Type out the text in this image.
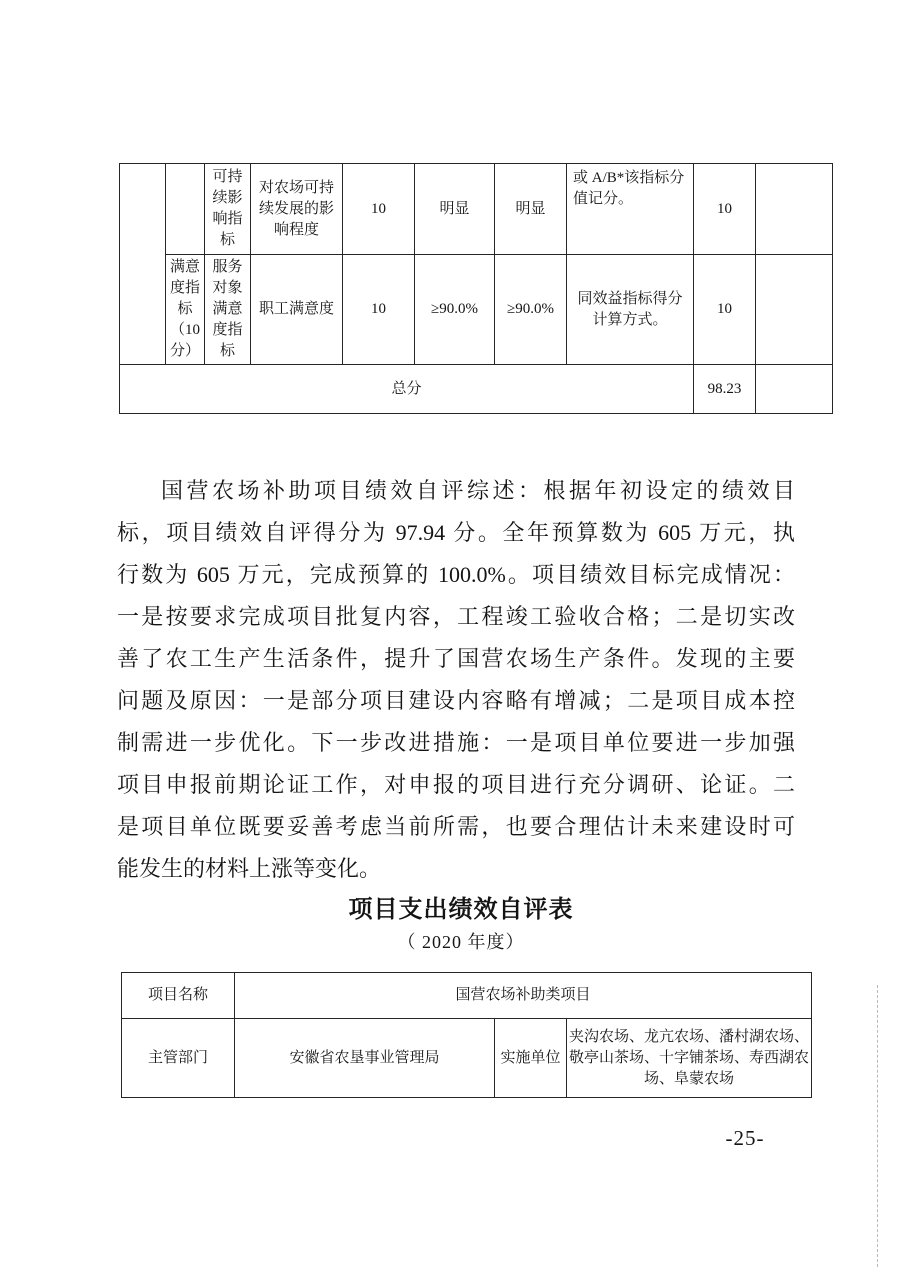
		可持续影响指标	对农场可持续发展的影响程度	10	明显	明显	或 A/B*该指标分值记分。	10	
	满意度指标（10分）	服务对象满意度指标	职工满意度	10	≥90.0%	≥90.0%	同效益指标得分计算方式。	10	
总分								98.23	
国营农场补助项目绩效自评综述：根据年初设定的绩效目
标，项目绩效自评得分为 97.94 分。全年预算数为 605 万元，执
行数为 605 万元，完成预算的 100.0%。项目绩效目标完成情况：
一是按要求完成项目批复内容，工程竣工验收合格；二是切实改
善了农工生产生活条件，提升了国营农场生产条件。发现的主要
问题及原因：一是部分项目建设内容略有增减；二是项目成本控
制需进一步优化。下一步改进措施：一是项目单位要进一步加强
项目申报前期论证工作，对申报的项目进行充分调研、论证。二
是项目单位既要妥善考虑当前所需，也要合理估计未来建设时可
能发生的材料上涨等变化。
项目支出绩效自评表
（ 2020 年度）
项目名称	国营农场补助类项目		
主管部门	安徽省农垦事业管理局	实施单位	夹沟农场、龙亢农场、潘村湖农场、敬亭山茶场、十字铺茶场、寿西湖农场、阜蒙农场
-25-
